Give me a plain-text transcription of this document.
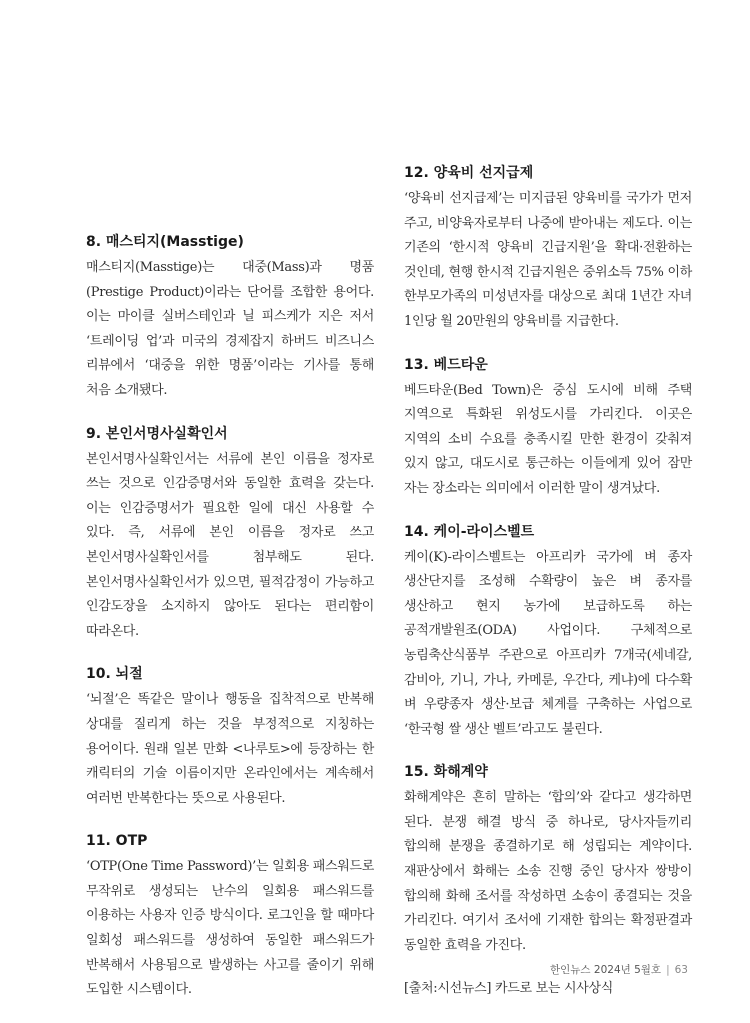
8. 매스티지(Masstige)

매스티지(Masstige)는 대중(Mass)과 명품(Prestige Product)이라는 단어를 조합한 용어다. 이는 마이클 실버스테인과 닐 피스케가 지은 저서 ‘트레이딩 업’과 미국의 경제잡지 하버드 비즈니스 리뷰에서 ‘대중을 위한 명품’이라는 기사를 통해 처음 소개됐다.

9. 본인서명사실확인서

본인서명사실확인서는 서류에 본인 이름을 정자로 쓰는 것으로 인감증명서와 동일한 효력을 갖는다. 이는 인감증명서가 필요한 일에 대신 사용할 수 있다. 즉, 서류에 본인 이름을 정자로 쓰고 본인서명사실확인서를 첨부해도 된다. 본인서명사실확인서가 있으면, 필적감정이 가능하고 인감도장을 소지하지 않아도 된다는 편리함이 따라온다.

10. 뇌절

‘뇌절’은 똑같은 말이나 행동을 집착적으로 반복해 상대를 질리게 하는 것을 부정적으로 지칭하는 용어이다. 원래 일본 만화 <나루토>에 등장하는 한 캐릭터의 기술 이름이지만 온라인에서는 계속해서 여러번 반복한다는 뜻으로 사용된다.

11. OTP

‘OTP(One Time Password)’는 일회용 패스워드로 무작위로 생성되는 난수의 일회용 패스워드를 이용하는 사용자 인증 방식이다. 로그인을 할 때마다 일회성 패스워드를 생성하여 동일한 패스워드가 반복해서 사용됨으로 발생하는 사고를 줄이기 위해 도입한 시스템이다.

12. 양육비 선지급제

‘양육비 선지급제’는 미지급된 양육비를 국가가 먼저 주고, 비양육자로부터 나중에 받아내는 제도다. 이는 기존의 ‘한시적 양육비 긴급지원’을 확대·전환하는 것인데, 현행 한시적 긴급지원은 중위소득 75% 이하 한부모가족의 미성년자를 대상으로 최대 1년간 자녀 1인당 월 20만원의 양육비를 지급한다.

13. 베드타운

베드타운(Bed Town)은 중심 도시에 비해 주택 지역으로 특화된 위성도시를 가리킨다. 이곳은 지역의 소비 수요를 충족시킬 만한 환경이 갖춰져 있지 않고, 대도시로 통근하는 이들에게 있어 잠만 자는 장소라는 의미에서 이러한 말이 생겨났다.

14. 케이-라이스벨트

케이(K)-라이스벨트는 아프리카 국가에 벼 종자 생산단지를 조성해 수확량이 높은 벼 종자를 생산하고 현지 농가에 보급하도록 하는 공적개발원조(ODA) 사업이다. 구체적으로 농림축산식품부 주관으로 아프리카 7개국(세네갈, 감비아, 기니, 가나, 카메룬, 우간다, 케냐)에 다수확 벼 우량종자 생산·보급 체계를 구축하는 사업으로 ‘한국형 쌀 생산 벨트’라고도 불린다.

15. 화해계약

화해계약은 흔히 말하는 ‘합의’와 같다고 생각하면 된다. 분쟁 해결 방식 중 하나로, 당사자들끼리 합의해 분쟁을 종결하기로 해 성립되는 계약이다. 재판상에서 화해는 소송 진행 중인 당사자 쌍방이 합의해 화해 조서를 작성하면 소송이 종결되는 것을 가리킨다. 여기서 조서에 기재한 합의는 확정판결과 동일한 효력을 가진다.

[출처:시선뉴스] 카드로 보는 시사상식
한인뉴스 2024년 5월호 | 63
